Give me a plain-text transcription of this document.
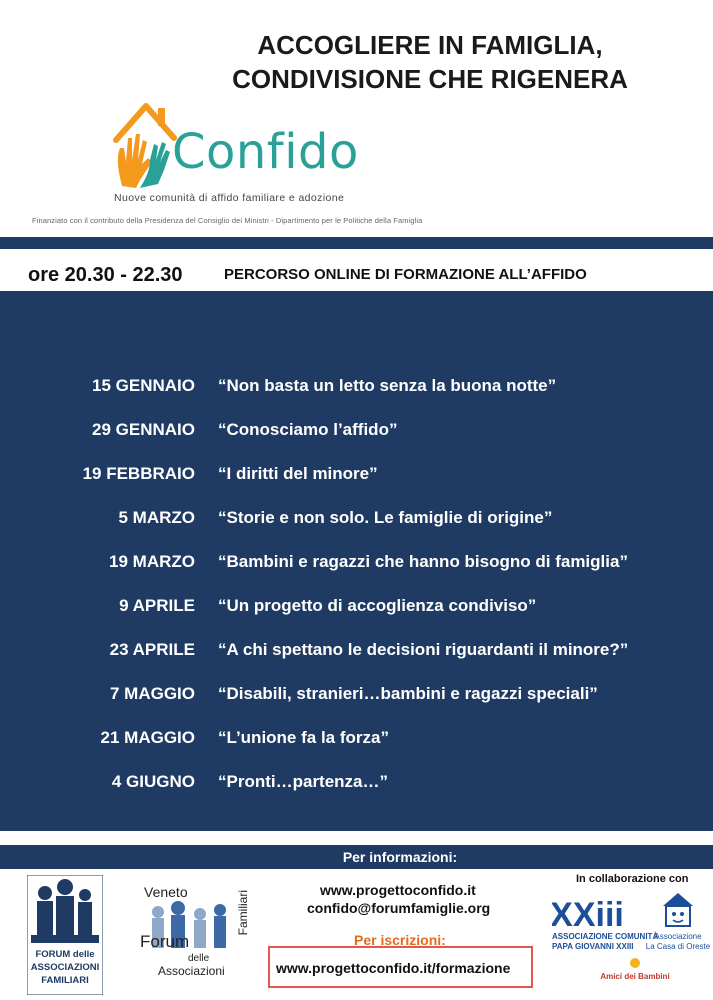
ACCOGLIERE IN FAMIGLIA,
CONDIVISIONE CHE RIGENERA
Confido
Nuove comunità di affido familiare e adozione
Finanziato con il contributo della Presidenza del Consiglio dei Ministri - Dipartimento per le Politiche della Famiglia
ore 20.30 - 22.30	PERCORSO ONLINE DI FORMAZIONE ALL’AFFIDO
15 GENNAIO “Non basta un letto senza la buona notte”
29 GENNAIO “Conosciamo l’affido”
19 FEBBRAIO “I diritti del minore”
5 MARZO “Storie e non solo. Le famiglie di origine”
19 MARZO “Bambini e ragazzi che hanno bisogno di famiglia”
9 APRILE “Un progetto di accoglienza condiviso”
23 APRILE “A chi spettano le decisioni riguardanti il minore?”
7 MAGGIO “Disabili, stranieri…bambini e ragazzi speciali”
21 MAGGIO “L’unione fa la forza”
4 GIUGNO “Pronti…partenza…”
Per informazioni:
FORUM delle
ASSOCIAZIONI
FAMILIARI
Veneto
Forum
delle
Associazioni
Familiari	www.progettoconfido.it
confido@forumfamiglie.org
Per iscrizioni:
www.progettoconfido.it/formazione
In collaborazione con
XXiii
ASSOCIAZIONE COMUNITÀ
PAPA GIOVANNI XXIII
Associazione
La Casa di Oreste
Amici dei Bambini
